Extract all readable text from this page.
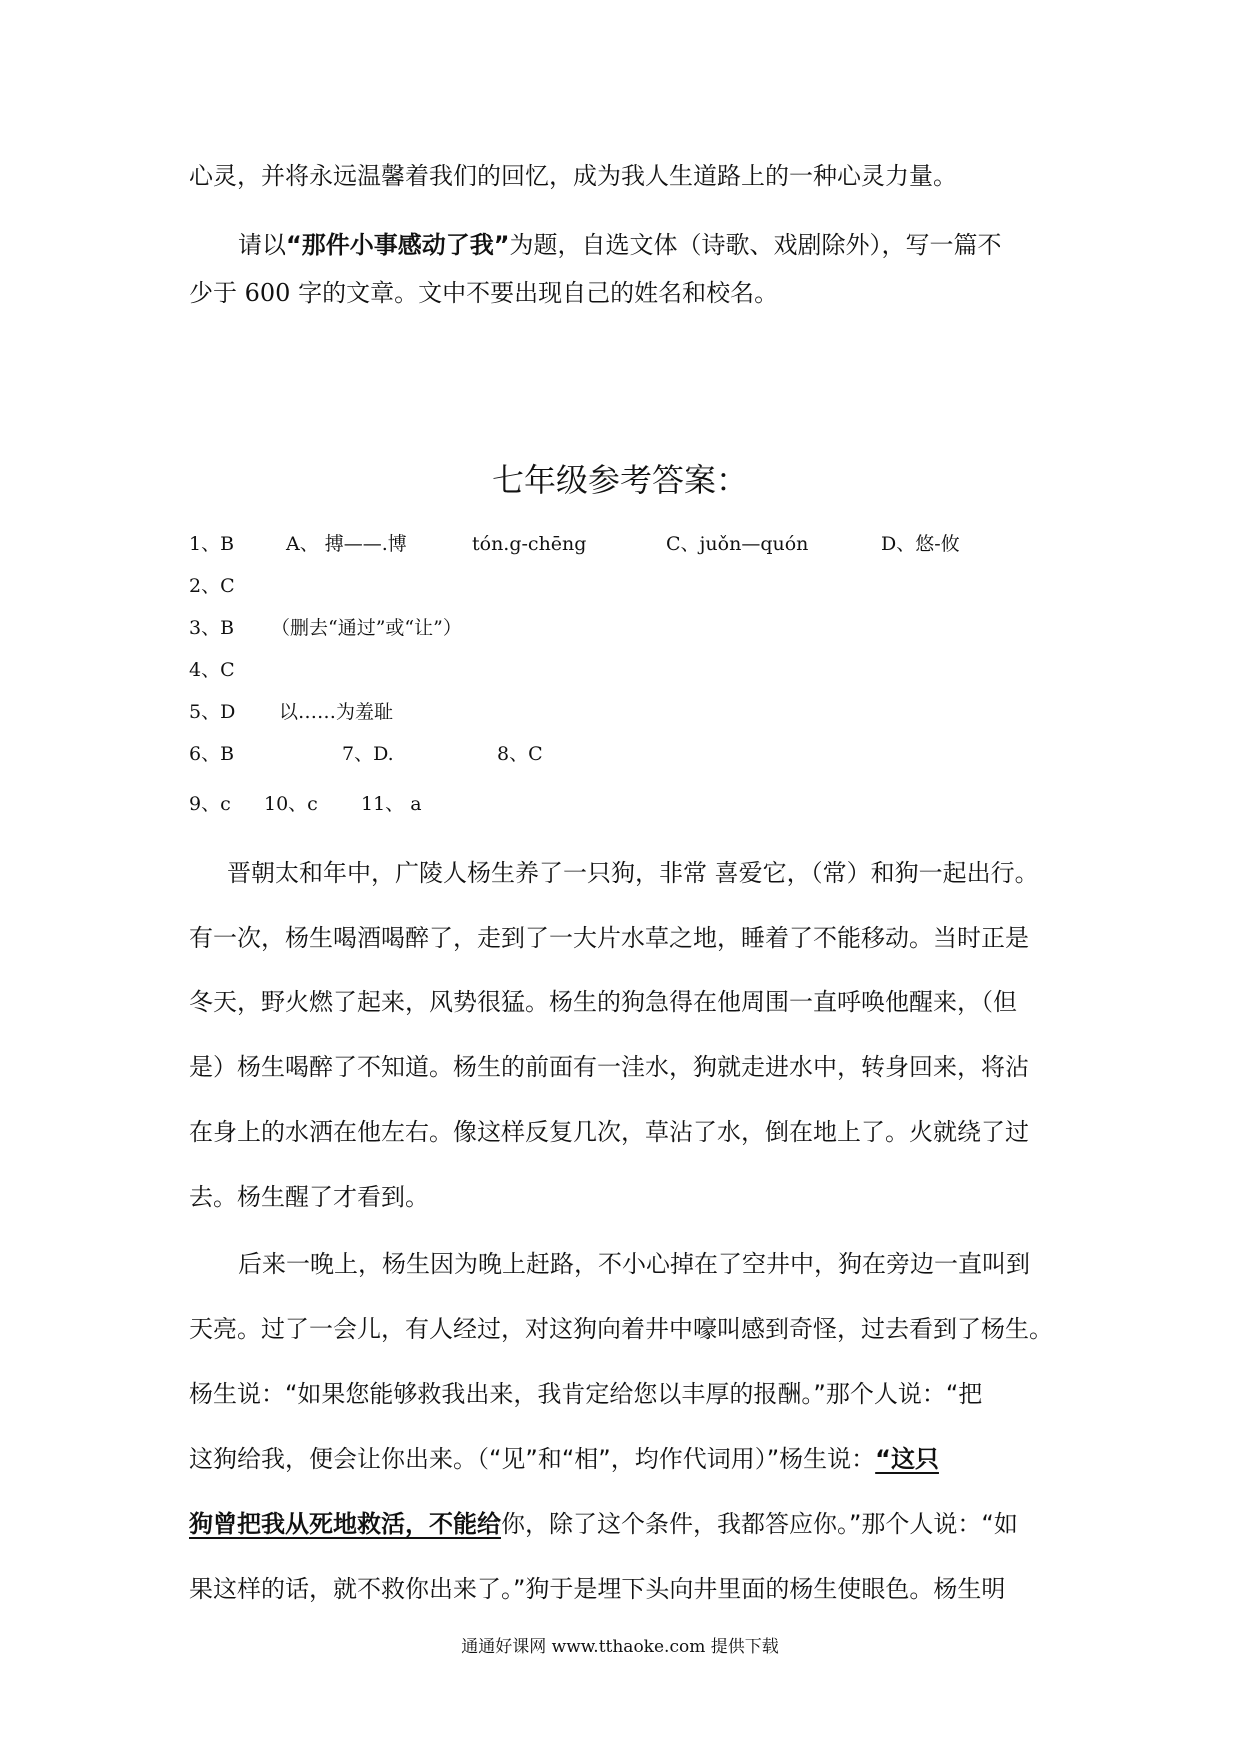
心灵，并将永远温馨着我们的回忆，成为我人生道路上的一种心灵力量。
请以“那件小事感动了我”为题，自选文体（诗歌、戏剧除外），写一篇不
少于 600 字的文章。文中不要出现自己的姓名和校名。
七年级参考答案：
1、B	A、 搏——.博	tón.g-chēng	C、juǒn—quón	D、悠-攸
2、C
3、B （删去“通过”或“让”）
4、C
5、D 以……为羞耻
6、B	7、D.	8、C
9、c 10、c 11、 a
晋朝太和年中，广陵人杨生养了一只狗，非常 喜爱它，（常）和狗一起出行。
有一次，杨生喝酒喝醉了，走到了一大片水草之地，睡着了不能移动。当时正是
冬天，野火燃了起来，风势很猛。杨生的狗急得在他周围一直呼唤他醒来，（但
是）杨生喝醉了不知道。杨生的前面有一洼水，狗就走进水中，转身回来，将沾
在身上的水洒在他左右。像这样反复几次，草沾了水，倒在地上了。火就绕了过
去。杨生醒了才看到。
后来一晚上，杨生因为晚上赶路，不小心掉在了空井中，狗在旁边一直叫到
天亮。过了一会儿，有人经过，对这狗向着井中嚎叫感到奇怪，过去看到了杨生。
杨生说：“如果您能够救我出来，我肯定给您以丰厚的报酬。”那个人说：“把
这狗给我，便会让你出来。（“见”和“相”，均作代词用）”杨生说：“这只
狗曾把我从死地救活，不能给你，除了这个条件，我都答应你。”那个人说：“如
果这样的话，就不救你出来了。”狗于是埋下头向井里面的杨生使眼色。杨生明
通通好课网 www.tthaoke.com 提供下载
